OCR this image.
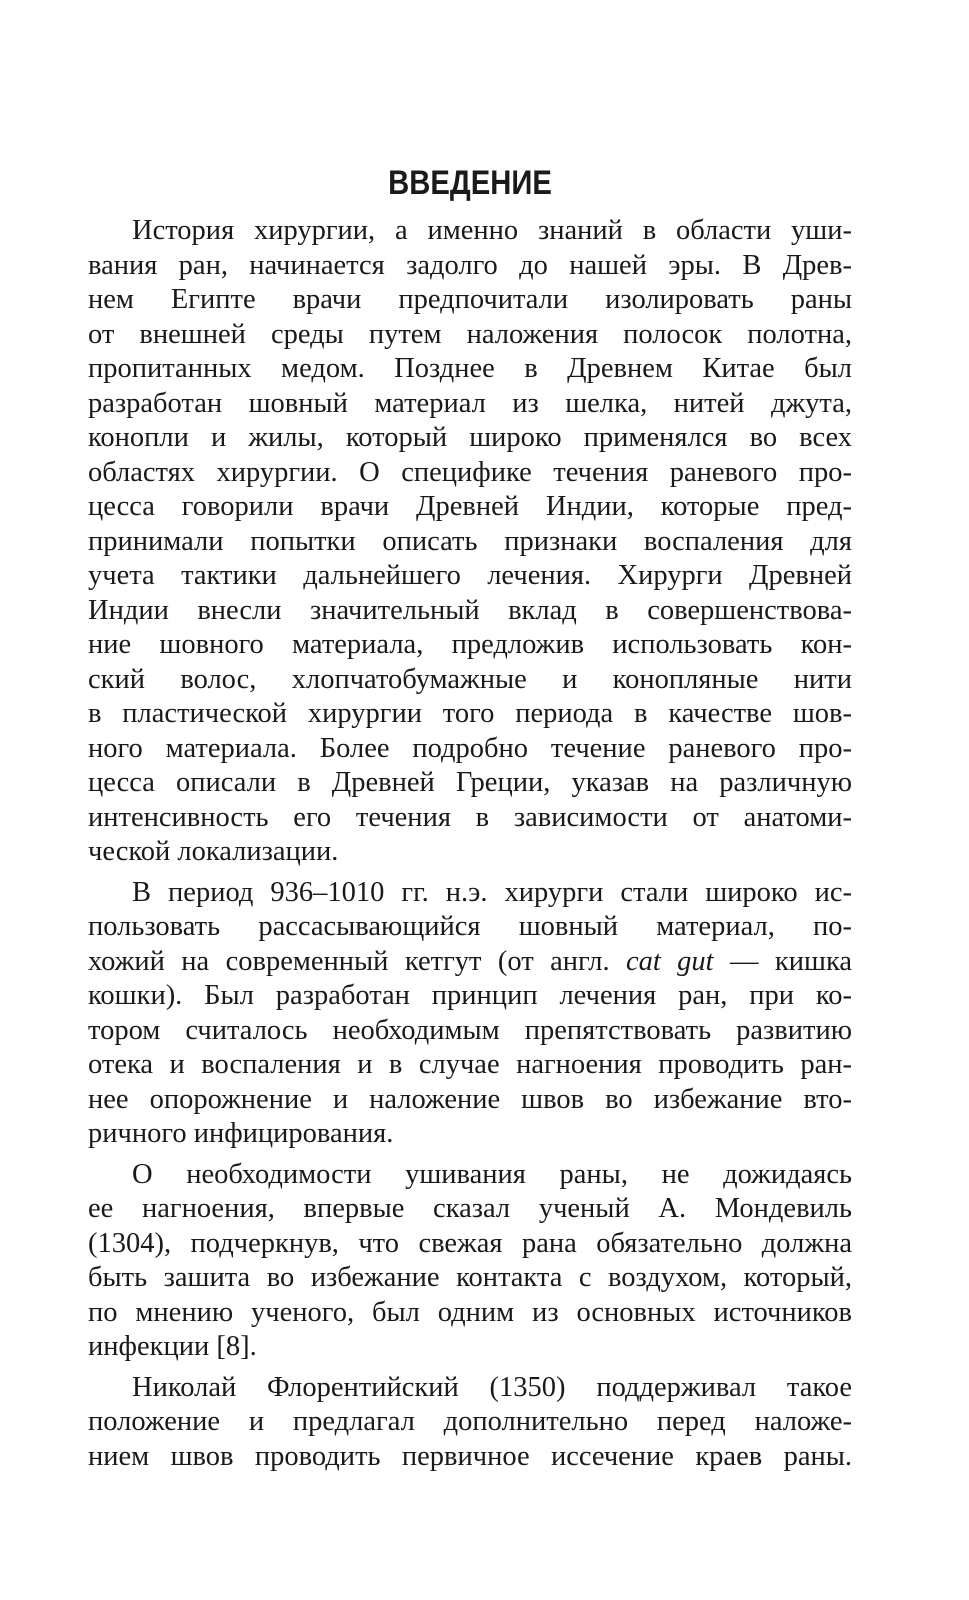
ВВЕДЕНИЕ
История хирургии, а именно знаний в области уши-
вания ран, начинается задолго до нашей эры. В Древ-
нем Египте врачи предпочитали изолировать раны
от внешней среды путем наложения полосок полотна,
пропитанных медом. Позднее в Древнем Китае был
разработан шовный материал из шелка, нитей джута,
конопли и жилы, который широко применялся во всех
областях хирургии. О специфике течения раневого про-
цесса говорили врачи Древней Индии, которые пред-
принимали попытки описать признаки воспаления для
учета тактики дальнейшего лечения. Хирурги Древней
Индии внесли значительный вклад в совершенствова-
ние шовного материала, предложив использовать кон-
ский волос, хлопчатобумажные и конопляные нити
в пластической хирургии того периода в качестве шов-
ного материала. Более подробно течение раневого про-
цесса описали в Древней Греции, указав на различную
интенсивность его течения в зависимости от анатоми-
ческой локализации.
В период 936–1010 гг. н.э. хирурги стали широко ис-
пользовать рассасывающийся шовный материал, по-
хожий на современный кетгут (от англ. cat gut — кишка
кошки). Был разработан принцип лечения ран, при ко-
тором считалось необходимым препятствовать развитию
отека и воспаления и в случае нагноения проводить ран-
нее опорожнение и наложение швов во избежание вто-
ричного инфицирования.
О необходимости ушивания раны, не дожидаясь
ее нагноения, впервые сказал ученый А. Мондевиль
(1304), подчеркнув, что свежая рана обязательно должна
быть зашита во избежание контакта с воздухом, который,
по мнению ученого, был одним из основных источников
инфекции [8].
Николай Флорентийский (1350) поддерживал такое
положение и предлагал дополнительно перед наложе-
нием швов проводить первичное иссечение краев раны.
